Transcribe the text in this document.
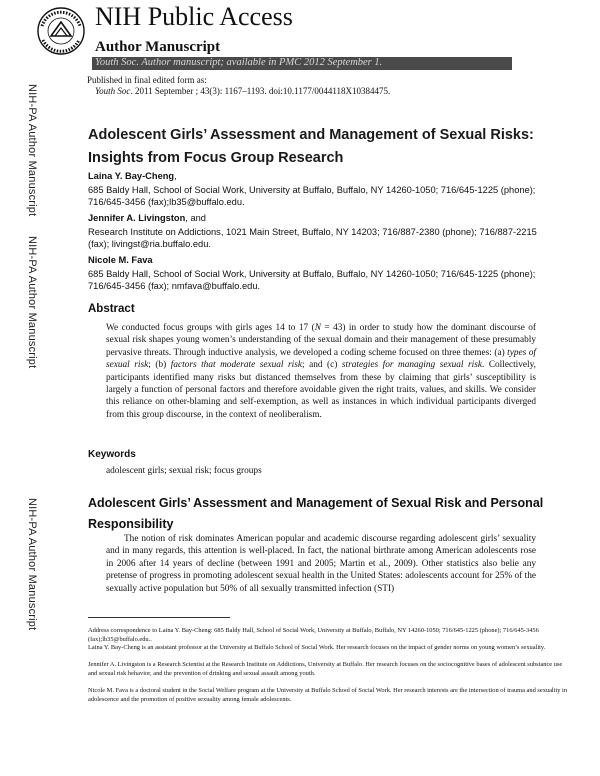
NIH Public Access
Author Manuscript
Youth Soc. Author manuscript; available in PMC 2012 September 1.
Published in final edited form as:
Youth Soc. 2011 September ; 43(3): 1167–1193. doi:10.1177/0044118X10384475.
NIH-PA Author Manuscript
NIH-PA Author Manuscript
NIH-PA Author Manuscript
Adolescent Girls’ Assessment and Management of Sexual Risks: Insights from Focus Group Research
Laina Y. Bay-Cheng,
685 Baldy Hall, School of Social Work, University at Buffalo, Buffalo, NY 14260-1050; 716/645-1225 (phone); 716/645-3456 (fax);lb35@buffalo.edu.
Jennifer A. Livingston, and
Research Institute on Addictions, 1021 Main Street, Buffalo, NY 14203; 716/887-2380 (phone); 716/887-2215 (fax); livingst@ria.buffalo.edu.
Nicole M. Fava
685 Baldy Hall, School of Social Work, University at Buffalo, Buffalo, NY 14260-1050; 716/645-1225 (phone); 716/645-3456 (fax); nmfava@buffalo.edu.
Abstract
We conducted focus groups with girls ages 14 to 17 (N = 43) in order to study how the dominant discourse of sexual risk shapes young women’s understanding of the sexual domain and their management of these presumably pervasive threats. Through inductive analysis, we developed a coding scheme focused on three themes: (a) types of sexual risk; (b) factors that moderate sexual risk; and (c) strategies for managing sexual risk. Collectively, participants identified many risks but distanced themselves from these by claiming that girls’ susceptibility is largely a function of personal factors and therefore avoidable given the right traits, values, and skills. We consider this reliance on other-blaming and self-exemption, as well as instances in which individual participants diverged from this group discourse, in the context of neoliberalism.
Keywords
adolescent girls; sexual risk; focus groups
Adolescent Girls’ Assessment and Management of Sexual Risk and Personal Responsibility
The notion of risk dominates American popular and academic discourse regarding adolescent girls’ sexuality and in many regards, this attention is well-placed. In fact, the national birthrate among American adolescents rose in 2006 after 14 years of decline (between 1991 and 2005; Martin et al., 2009). Other statistics also belie any pretense of progress in promoting adolescent sexual health in the United States: adolescents account for 25% of the sexually active population but 50% of all sexually transmitted infection (STI)
Address correspondence to Laina Y. Bay-Cheng: 685 Baldy Hall, School of Social Work, University at Buffalo, Buffalo, NY 14260-1050; 716/645-1225 (phone); 716/645-3456 (fax);lb35@buffalo.edu..
Laina Y. Bay-Cheng is an assistant professor at the University at Buffalo School of Social Work. Her research focuses on the impact of gender norms on young women’s sexuality.
Jennifer A. Livingston is a Research Scientist at the Research Institute on Addictions, University at Buffalo. Her research focuses on the sociocognitive bases of adolescent substance use and sexual risk behavior, and the prevention of drinking and sexual assault among youth.
Nicole M. Fava is a doctoral student in the Social Welfare program at the University at Buffalo School of Social Work. Her research interests are the intersection of trauma and sexuality in adolescence and the promotion of positive sexuality among female adolescents.
